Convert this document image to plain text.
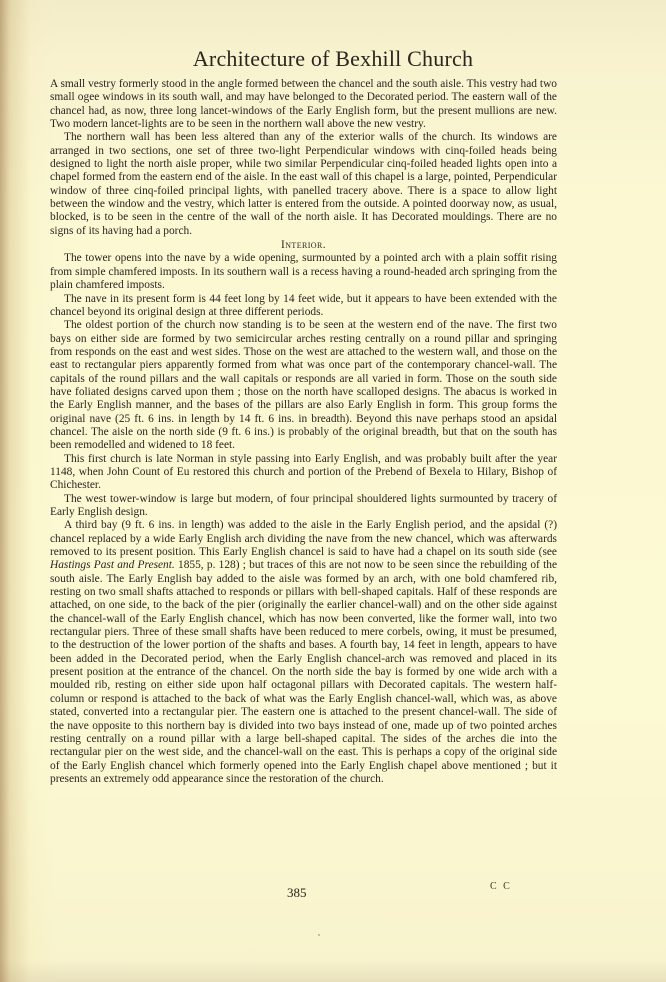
Architecture of Bexhill Church

A small vestry formerly stood in the angle formed between the chancel and the south aisle. This vestry had two small ogee windows in its south wall, and may have belonged to the Decorated period. The eastern wall of the chancel had, as now, three long lancet-windows of the Early English form, but the present mullions are new. Two modern lancet-lights are to be seen in the northern wall above the new vestry.

The northern wall has been less altered than any of the exterior walls of the church. Its windows are arranged in two sections, one set of three two-light Perpendicular windows with cinq-foiled heads being designed to light the north aisle proper, while two similar Perpendicular cinq-foiled headed lights open into a chapel formed from the eastern end of the aisle. In the east wall of this chapel is a large, pointed, Perpendicular window of three cinq-foiled principal lights, with panelled tracery above. There is a space to allow light between the window and the vestry, which latter is entered from the outside. A pointed doorway now, as usual, blocked, is to be seen in the centre of the wall of the north aisle. It has Decorated mouldings. There are no signs of its having had a porch.

Interior.

The tower opens into the nave by a wide opening, surmounted by a pointed arch with a plain soffit rising from simple chamfered imposts. In its southern wall is a recess having a round-headed arch springing from the plain chamfered imposts.

The nave in its present form is 44 feet long by 14 feet wide, but it appears to have been extended with the chancel beyond its original design at three different periods.

The oldest portion of the church now standing is to be seen at the western end of the nave. The first two bays on either side are formed by two semicircular arches resting centrally on a round pillar and springing from responds on the east and west sides. Those on the west are attached to the western wall, and those on the east to rectangular piers apparently formed from what was once part of the contemporary chancel-wall. The capitals of the round pillars and the wall capitals or responds are all varied in form. Those on the south side have foliated designs carved upon them ; those on the north have scalloped designs. The abacus is worked in the Early English manner, and the bases of the pillars are also Early English in form. This group forms the original nave (25 ft. 6 ins. in length by 14 ft. 6 ins. in breadth). Beyond this nave perhaps stood an apsidal chancel. The aisle on the north side (9 ft. 6 ins.) is probably of the original breadth, but that on the south has been remodelled and widened to 18 feet.

This first church is late Norman in style passing into Early English, and was probably built after the year 1148, when John Count of Eu restored this church and portion of the Prebend of Bexela to Hilary, Bishop of Chichester.

The west tower-window is large but modern, of four principal shouldered lights surmounted by tracery of Early English design.

A third bay (9 ft. 6 ins. in length) was added to the aisle in the Early English period, and the apsidal (?) chancel replaced by a wide Early English arch dividing the nave from the new chancel, which was afterwards removed to its present position. This Early English chancel is said to have had a chapel on its south side (see Hastings Past and Present. 1855, p. 128) ; but traces of this are not now to be seen since the rebuilding of the south aisle. The Early English bay added to the aisle was formed by an arch, with one bold chamfered rib, resting on two small shafts attached to responds or pillars with bell-shaped capitals. Half of these responds are attached, on one side, to the back of the pier (originally the earlier chancel-wall) and on the other side against the chancel-wall of the Early English chancel, which has now been converted, like the former wall, into two rectangular piers. Three of these small shafts have been reduced to mere corbels, owing, it must be presumed, to the destruction of the lower portion of the shafts and bases. A fourth bay, 14 feet in length, appears to have been added in the Decorated period, when the Early English chancel-arch was removed and placed in its present position at the entrance of the chancel. On the north side the bay is formed by one wide arch with a moulded rib, resting on either side upon half octagonal pillars with Decorated capitals. The western half-column or respond is attached to the back of what was the Early English chancel-wall, which was, as above stated, converted into a rectangular pier. The eastern one is attached to the present chancel-wall. The side of the nave opposite to this northern bay is divided into two bays instead of one, made up of two pointed arches resting centrally on a round pillar with a large bell-shaped capital. The sides of the arches die into the rectangular pier on the west side, and the chancel-wall on the east. This is perhaps a copy of the original side of the Early English chancel which formerly opened into the Early English chapel above mentioned ; but it presents an extremely odd appearance since the restoration of the church.

385	C C
